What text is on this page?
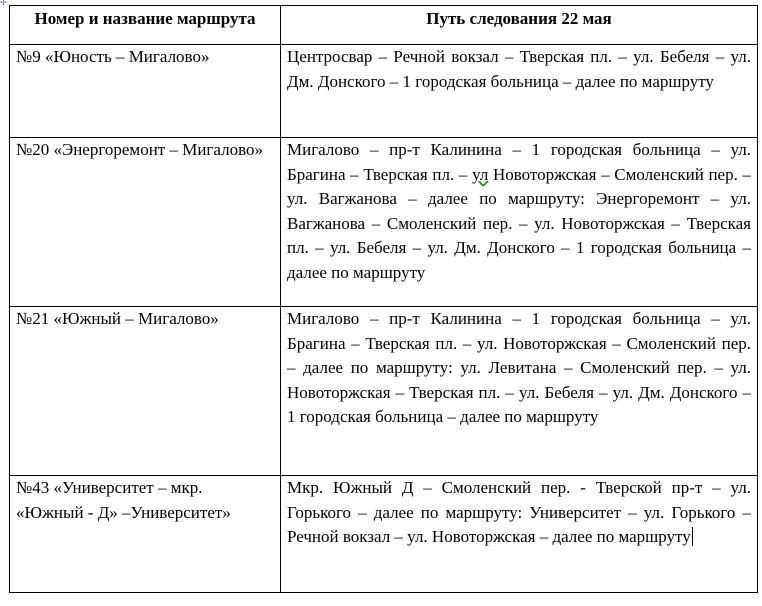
✢
Номер и название маршрута	Путь следования 22 мая
№9 «Юность – Мигалово»	Центросвар – Речной вокзал – Тверская пл. – ул. Бебеля – ул. Дм. Донского – 1 городская больница – далее по маршруту
№20 «Энергоремонт – Мигалово»	Мигалово – пр-т Калинина – 1 городская больница – ул. Брагина – Тверская пл. – ул Новоторжская – Смоленский пер. – ул. Вагжанова – далее по маршруту: Энергоремонт – ул. Вагжанова – Смоленский пер. – ул. Новоторжская – Тверская пл. – ул. Бебеля – ул. Дм. Донского – 1 городская больница – далее по маршруту
№21 «Южный – Мигалово»	Мигалово – пр-т Калинина – 1 городская больница – ул. Брагина – Тверская пл. – ул. Новоторжская – Смоленский пер. – далее по маршруту: ул. Левитана – Смоленский пер. – ул. Новоторжская – Тверская пл. – ул. Бебеля – ул. Дм. Донского – 1 городская больница – далее по маршруту
№43 «Университет – мкр. «Южный - Д» –Университет»	Мкр. Южный Д – Смоленский пер. - Тверской пр-т – ул. Горького – далее по маршруту: Университет – ул. Горького – Речной вокзал – ул. Новоторжская – далее по маршруту
